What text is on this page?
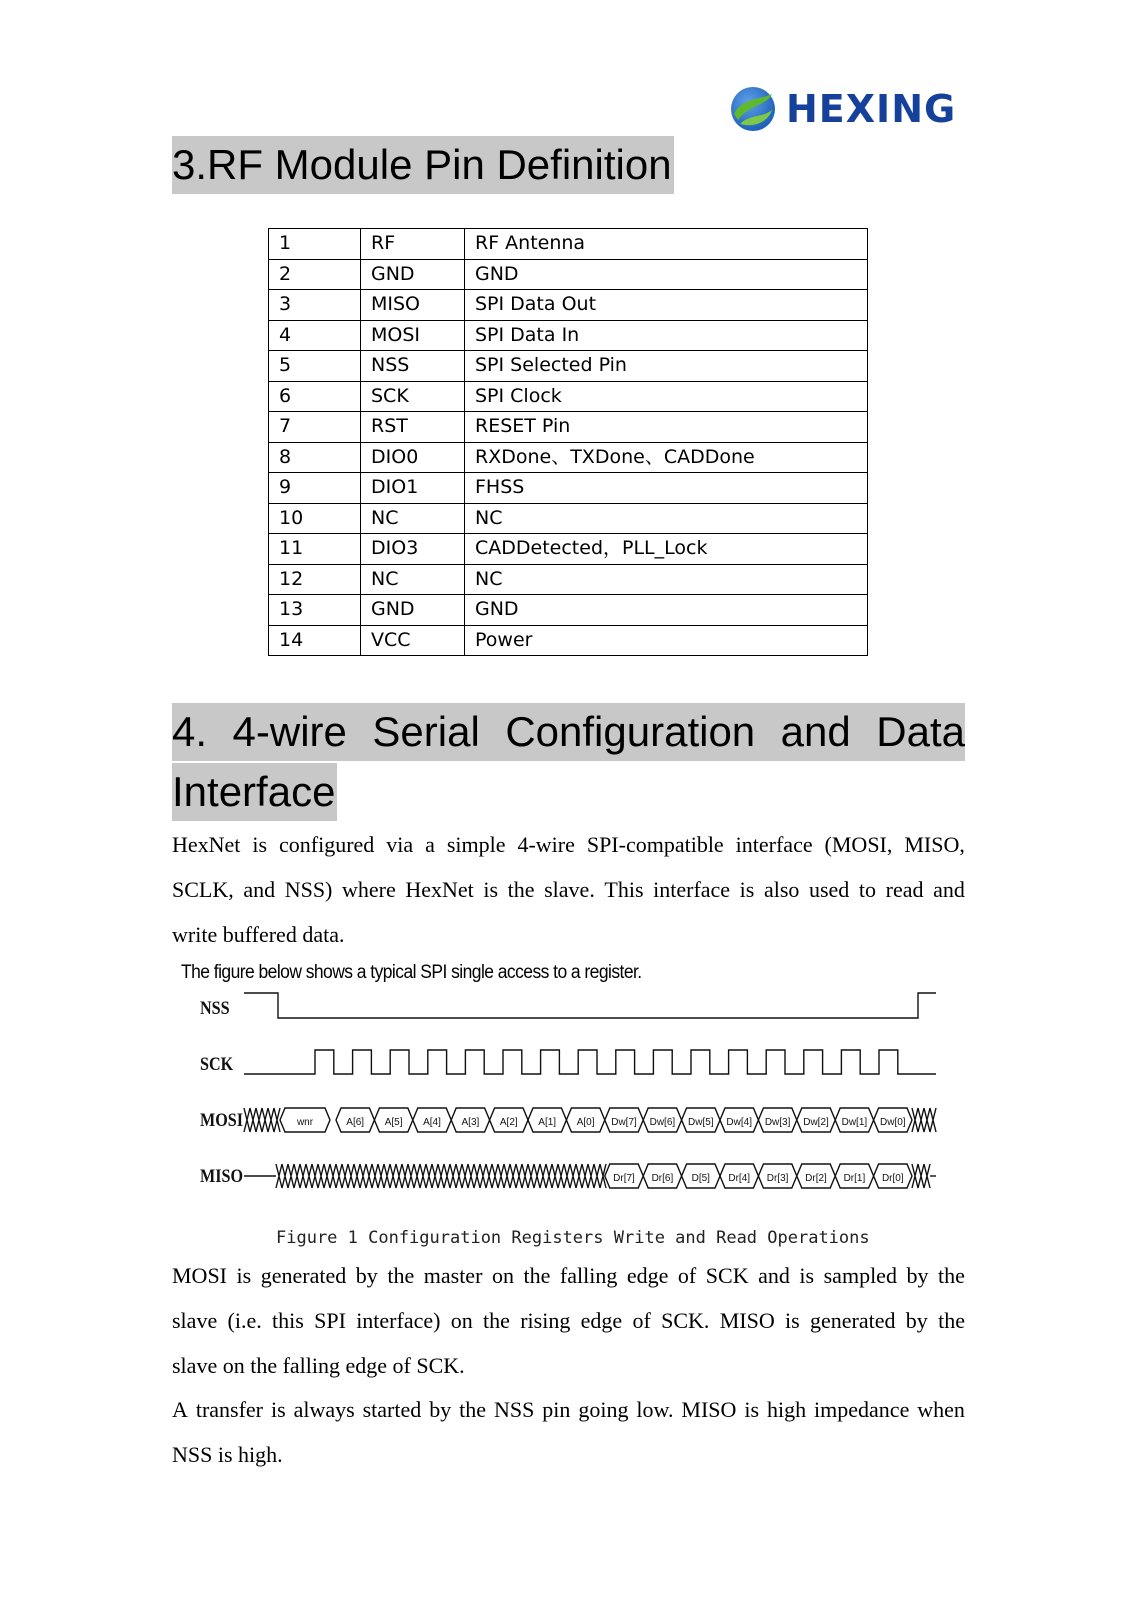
HEXING
3.RF Module Pin Definition
1	RF	RF Antenna
2	GND	GND
3	MISO	SPI Data Out
4	MOSI	SPI Data In
5	NSS	SPI Selected Pin
6	SCK	SPI Clock
7	RST	RESET Pin
8	DIO0	RXDone、TXDone、CADDone
9	DIO1	FHSS
10	NC	NC
11	DIO3	CADDetected，PLL_Lock
12	NC	NC
13	GND	GND
14	VCC	Power
4. 4-wire Serial Configuration and Data
Interface
HexNet is configured via a simple 4-wire SPI-compatible interface (MOSI, MISO,
SCLK, and NSS) where HexNet is the slave. This interface is also used to read and
write buffered data.
The figure below shows a typical SPI single access to a register.
NSS
SCK
MOSI
MISO
wnr	A[6] A[5] A[4] A[3] A[2] A[1] A[0] Dw[7] Dw[6] Dw[5] Dw[4] Dw[3] Dw[2] Dw[1] Dw[0]
Dr[7] Dr[6] D[5] Dr[4] Dr[3] Dr[2] Dr[1] Dr[0]
Figure 1 Configuration Registers Write and Read Operations
MOSI is generated by the master on the falling edge of SCK and is sampled by the
slave (i.e. this SPI interface) on the rising edge of SCK. MISO is generated by the
slave on the falling edge of SCK.
A transfer is always started by the NSS pin going low. MISO is high impedance when
NSS is high.
